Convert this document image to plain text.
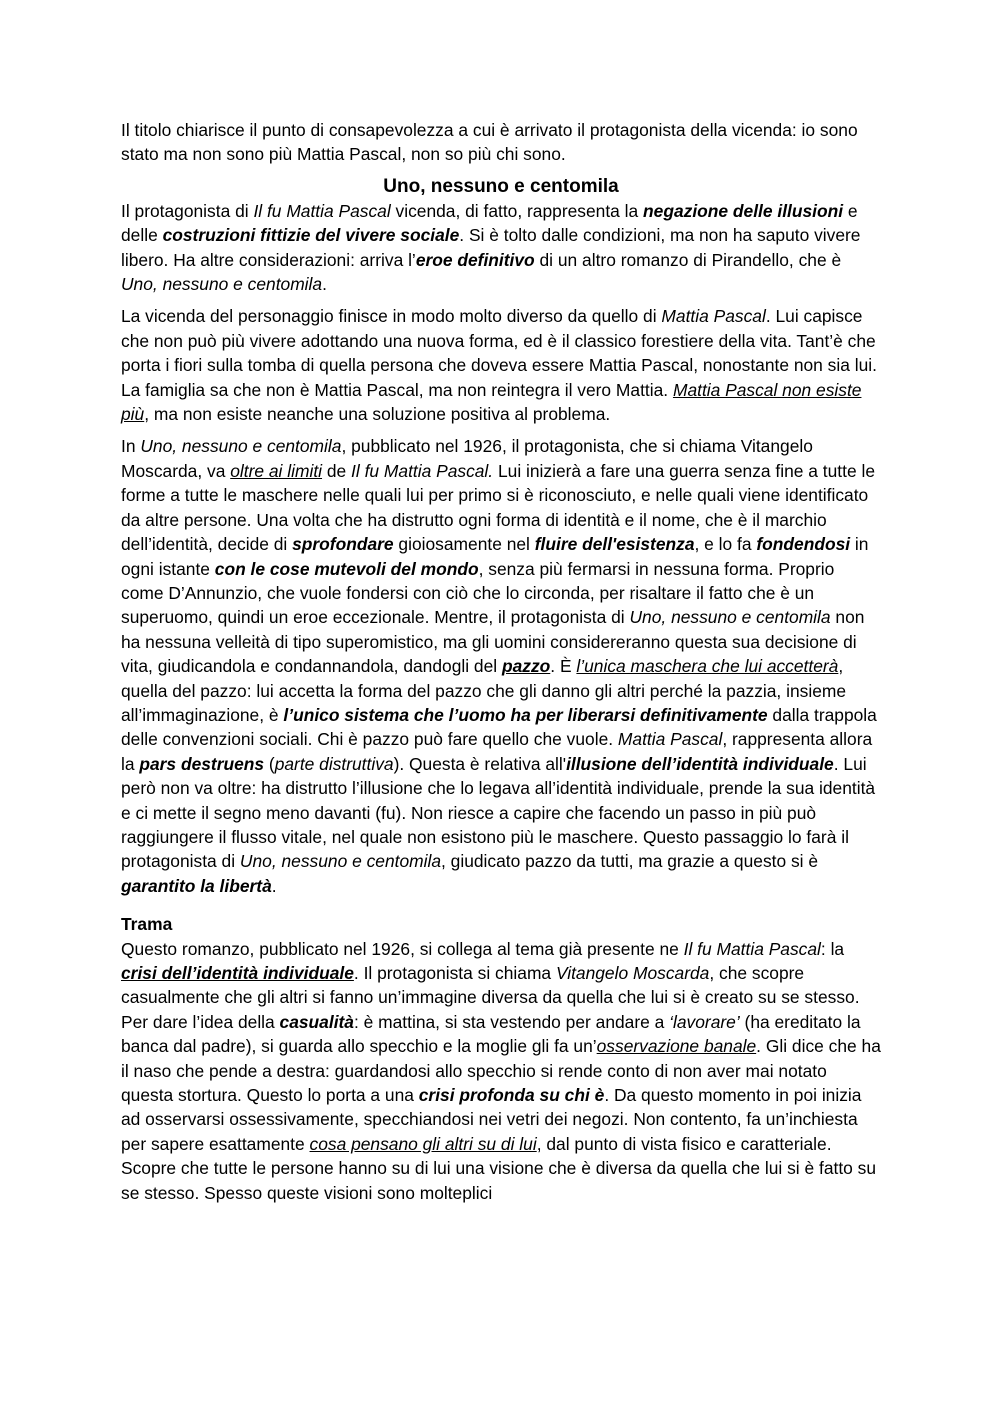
Il titolo chiarisce il punto di consapevolezza a cui è arrivato il protagonista della vicenda: io sono stato ma non sono più Mattia Pascal, non so più chi sono.

Uno, nessuno e centomila

Il protagonista di Il fu Mattia Pascal vicenda, di fatto, rappresenta la negazione delle illusioni e delle costruzioni fittizie del vivere sociale. Si è tolto dalle condizioni, ma non ha saputo vivere libero. Ha altre considerazioni: arriva l’eroe definitivo di un altro romanzo di Pirandello, che è Uno, nessuno e centomila.

La vicenda del personaggio finisce in modo molto diverso da quello di Mattia Pascal. Lui capisce che non può più vivere adottando una nuova forma, ed è il classico forestiere della vita. Tant’è che porta i fiori sulla tomba di quella persona che doveva essere Mattia Pascal, nonostante non sia lui. La famiglia sa che non è Mattia Pascal, ma non reintegra il vero Mattia. Mattia Pascal non esiste più, ma non esiste neanche una soluzione positiva al problema.

In Uno, nessuno e centomila, pubblicato nel 1926, il protagonista, che si chiama Vitangelo Moscarda, va oltre ai limiti de Il fu Mattia Pascal. Lui inizierà a fare una guerra senza fine a tutte le forme a tutte le maschere nelle quali lui per primo si è riconosciuto, e nelle quali viene identificato da altre persone. Una volta che ha distrutto ogni forma di identità e il nome, che è il marchio dell’identità, decide di sprofondare gioiosamente nel fluire dell'esistenza, e lo fa fondendosi in ogni istante con le cose mutevoli del mondo, senza più fermarsi in nessuna forma. Proprio come D’Annunzio, che vuole fondersi con ciò che lo circonda, per risaltare il fatto che è un superuomo, quindi un eroe eccezionale. Mentre, il protagonista di Uno, nessuno e centomila non ha nessuna velleità di tipo superomistico, ma gli uomini considereranno questa sua decisione di vita, giudicandola e condannandola, dandogli del pazzo. È l’unica maschera che lui accetterà, quella del pazzo: lui accetta la forma del pazzo che gli danno gli altri perché la pazzia, insieme all’immaginazione, è l’unico sistema che l’uomo ha per liberarsi definitivamente dalla trappola delle convenzioni sociali. Chi è pazzo può fare quello che vuole. Mattia Pascal, rappresenta allora la pars destruens (parte distruttiva). Questa è relativa all'illusione dell’identità individuale. Lui però non va oltre: ha distrutto l’illusione che lo legava all’identità individuale, prende la sua identità e ci mette il segno meno davanti (fu). Non riesce a capire che facendo un passo in più può raggiungere il flusso vitale, nel quale non esistono più le maschere. Questo passaggio lo farà il protagonista di Uno, nessuno e centomila, giudicato pazzo da tutti, ma grazie a questo si è garantito la libertà.

Trama

Questo romanzo, pubblicato nel 1926, si collega al tema già presente ne Il fu Mattia Pascal: la crisi dell’identità individuale. Il protagonista si chiama Vitangelo Moscarda, che scopre casualmente che gli altri si fanno un’immagine diversa da quella che lui si è creato su se stesso. Per dare l’idea della casualità: è mattina, si sta vestendo per andare a ‘lavorare’ (ha ereditato la banca dal padre), si guarda allo specchio e la moglie gli fa un’osservazione banale. Gli dice che ha il naso che pende a destra: guardandosi allo specchio si rende conto di non aver mai notato questa stortura. Questo lo porta a una crisi profonda su chi è. Da questo momento in poi inizia ad osservarsi ossessivamente, specchiandosi nei vetri dei negozi. Non contento, fa un’inchiesta per sapere esattamente cosa pensano gli altri su di lui, dal punto di vista fisico e caratteriale. Scopre che tutte le persone hanno su di lui una visione che è diversa da quella che lui si è fatto su se stesso. Spesso queste visioni sono molteplici
